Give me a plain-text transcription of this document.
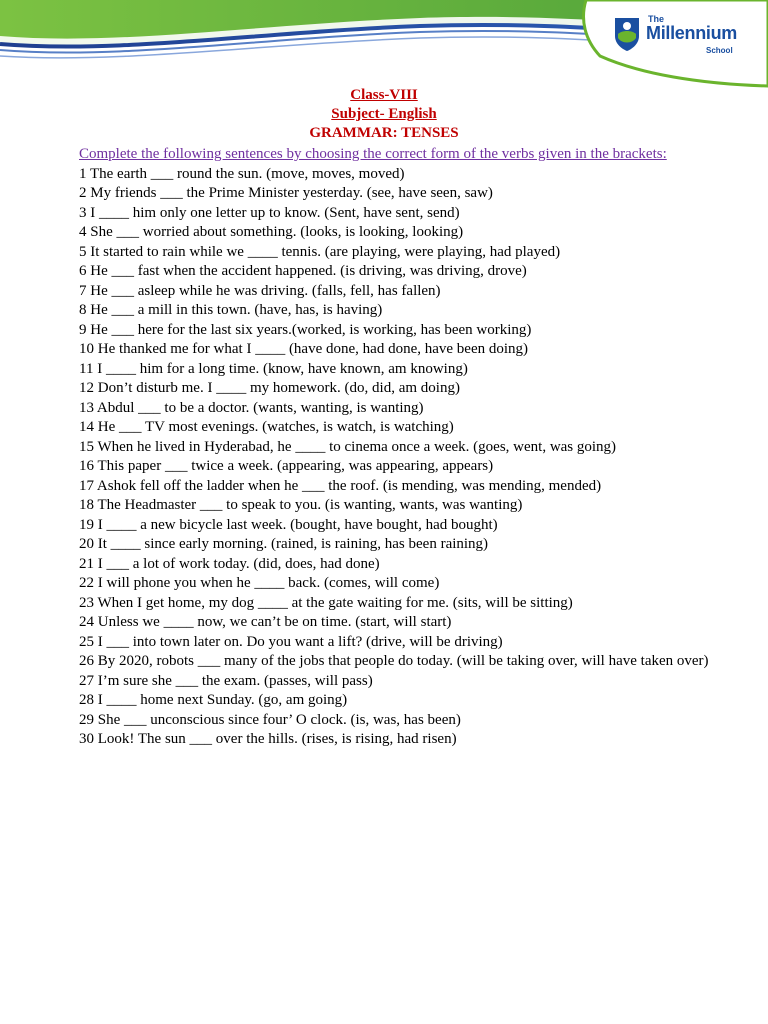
The
Millennium
School
Class-VIII
Subject- English
GRAMMAR: TENSES

Complete the following sentences by choosing the correct form of the verbs given in the brackets:

1 The earth ___ round the sun. (move, moves, moved)
2 My friends ___ the Prime Minister yesterday. (see, have seen, saw)
3 I ____ him only one letter up to know. (Sent, have sent, send)
4 She ___ worried about something. (looks, is looking, looking)
5 It started to rain while we ____ tennis. (are playing, were playing, had played)
6 He ___ fast when the accident happened. (is driving, was driving, drove)
7 He ___ asleep while he was driving. (falls, fell, has fallen)
8 He ___ a mill in this town. (have, has, is having)
9 He ___ here for the last six years.(worked, is working, has been working)
10 He thanked me for what I ____ (have done, had done, have been doing)
11 I ____ him for a long time. (know, have known, am knowing)
12 Don’t disturb me. I ____ my homework. (do, did, am doing)
13 Abdul ___ to be a doctor. (wants, wanting, is wanting)
14 He ___ TV most evenings. (watches, is watch, is watching)
15 When he lived in Hyderabad, he ____ to cinema once a week. (goes, went, was going)
16 This paper ___ twice a week. (appearing, was appearing, appears)
17 Ashok fell off the ladder when he ___ the roof. (is mending, was mending, mended)
18 The Headmaster ___ to speak to you. (is wanting, wants, was wanting)
19 I ____ a new bicycle last week. (bought, have bought, had bought)
20 It ____ since early morning. (rained, is raining, has been raining)
21 I ___ a lot of work today. (did, does, had done)
22 I will phone you when he ____ back. (comes, will come)
23 When I get home, my dog ____ at the gate waiting for me. (sits, will be sitting)
24 Unless we ____ now, we can’t be on time. (start, will start)
25 I ___ into town later on. Do you want a lift? (drive, will be driving)
26 By 2020, robots ___ many of the jobs that people do today. (will be taking over, will have taken over)
27 I’m sure she ___ the exam. (passes, will pass)
28 I ____ home next Sunday. (go, am going)
29 She ___ unconscious since four’ O clock. (is, was, has been)
30 Look! The sun ___ over the hills. (rises, is rising, had risen)
